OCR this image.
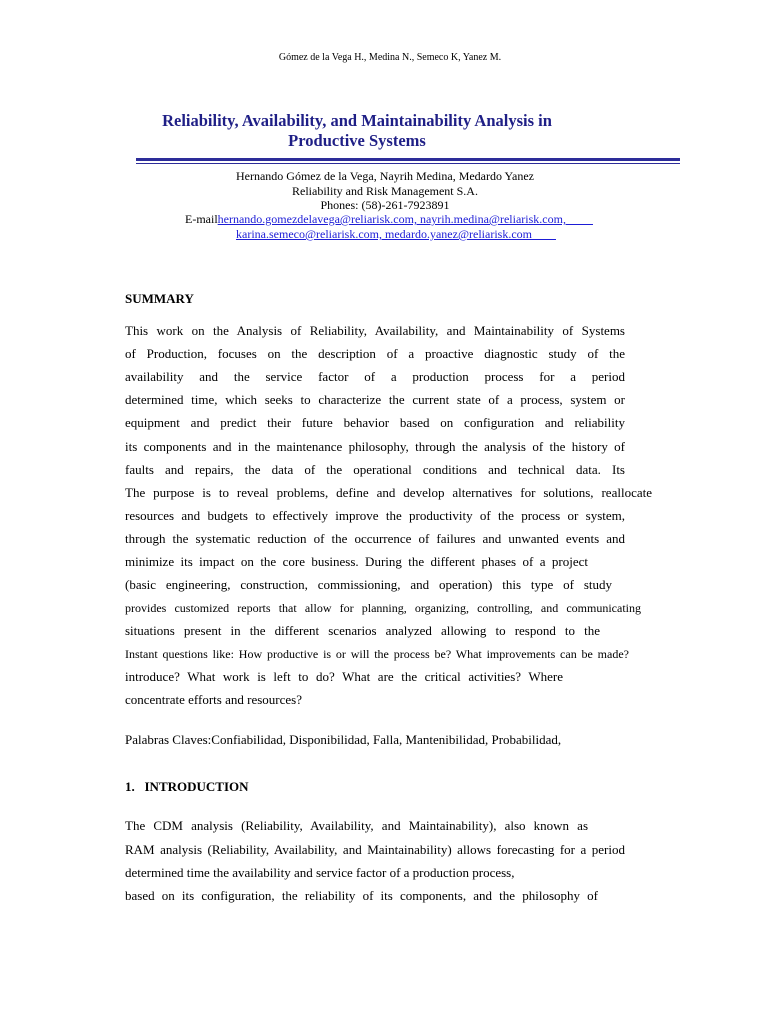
Gómez de la Vega H., Medina N., Semeco K, Yanez M.
Reliability, Availability, and Maintainability Analysis in
Productive Systems
Hernando Gómez de la Vega, Nayrih Medina, Medardo Yanez
Reliability and Risk Management S.A.
Phones: (58)-261-7923891
E-mailhernando.gomezdelavega@reliarisk.com, nayrih.medina@reliarisk.com,
karina.semeco@reliarisk.com, medardo.yanez@reliarisk.com
SUMMARY
This work on the Analysis of Reliability, Availability, and Maintainability of Systems
of Production, focuses on the description of a proactive diagnostic study of the
availability and the service factor of a production process for a period
determined time, which seeks to characterize the current state of a process, system or
equipment and predict their future behavior based on configuration and reliability
its components and in the maintenance philosophy, through the analysis of the history of
faults and repairs, the data of the operational conditions and technical data. Its
The purpose is to reveal problems, define and develop alternatives for solutions, reallocate
resources and budgets to effectively improve the productivity of the process or system,
through the systematic reduction of the occurrence of failures and unwanted events and
minimize its impact on the core business. During the different phases of a project
(basic engineering, construction, commissioning, and operation) this type of study
provides customized reports that allow for planning, organizing, controlling, and communicating
situations present in the different scenarios analyzed allowing to respond to the
Instant questions like: How productive is or will the process be? What improvements can be made?
introduce? What work is left to do? What are the critical activities? Where
concentrate efforts and resources?
Palabras Claves:Confiabilidad, Disponibilidad, Falla, Mantenibilidad, Probabilidad,
1.   INTRODUCTION
The CDM analysis (Reliability, Availability, and Maintainability), also known as
RAM analysis (Reliability, Availability, and Maintainability) allows forecasting for a period
determined time the availability and service factor of a production process,
based on its configuration, the reliability of its components, and the philosophy of
